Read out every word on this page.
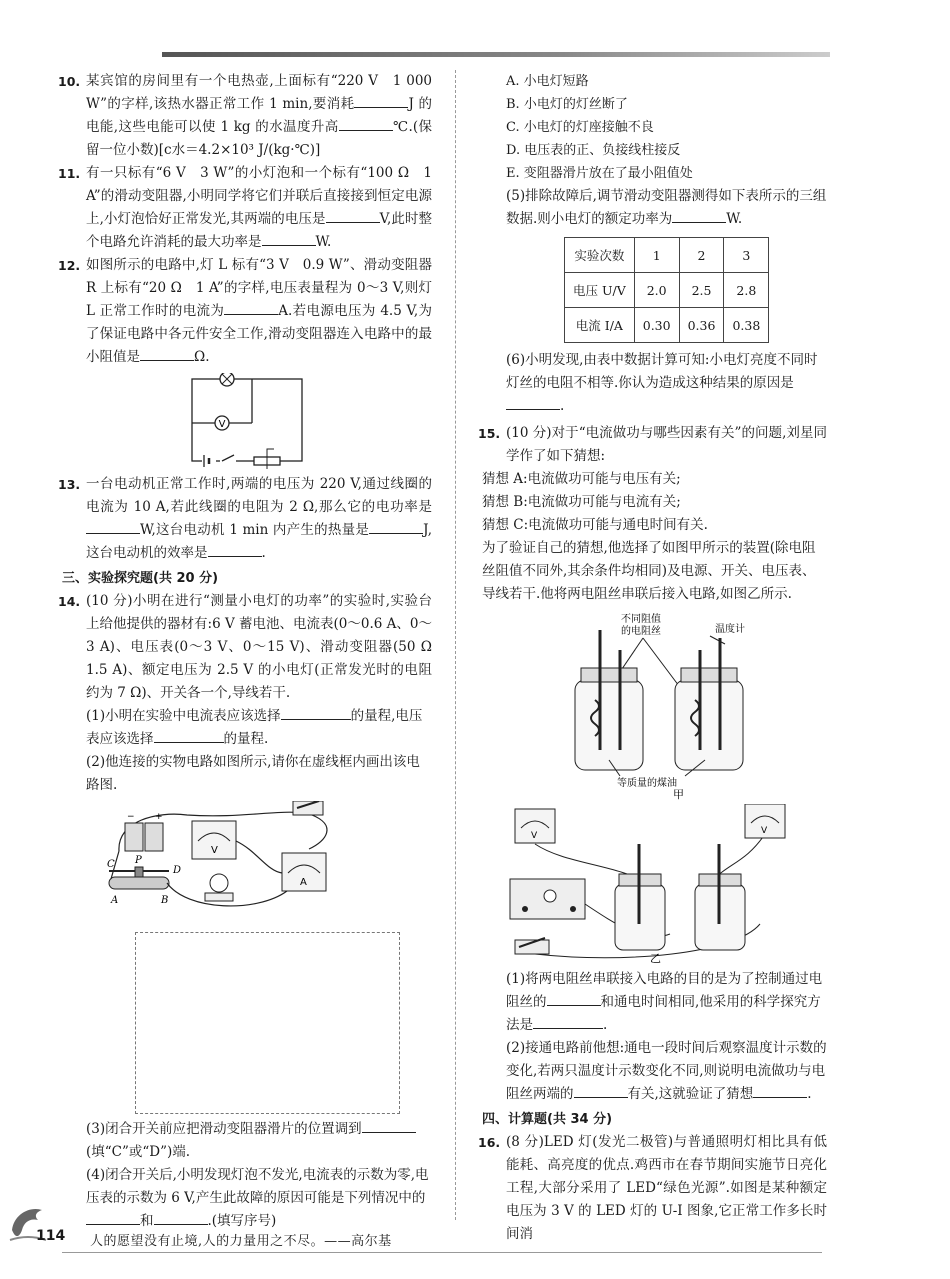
10. 某宾馆的房间里有一个电热壶,上面标有“220 V　1 000 W”的字样,该热水器正常工作 1 min,要消耗	J 的电能,这些电能可以使 1 kg 的水温度升高	℃.(保留一位小数)[c水＝4.2×10³ J/(kg·℃)]

11. 有一只标有“6 V　3 W”的小灯泡和一个标有“100 Ω　1 A”的滑动变阻器,小明同学将它们并联后直接接到恒定电源上,小灯泡恰好正常发光,其两端的电压是	V,此时整个电路允许消耗的最大功率是	W.

12. 如图所示的电路中,灯 L 标有“3 V　0.9 W”、滑动变阻器 R 上标有“20 Ω　1 A”的字样,电压表量程为 0～3 V,则灯 L 正常工作时的电流为	A.若电源电压为 4.5 V,为了保证电路中各元件安全工作,滑动变阻器连入电路中的最小阻值是	Ω.

V

13. 一台电动机正常工作时,两端的电压为 220 V,通过线圈的电流为 10 A,若此线圈的电阻为 2 Ω,那么它的电功率是W,这台电动机 1 min 内产生的热量是	J,这台电动机的效率是	.

三、实验探究题(共 20 分)

14. (10 分)小明在进行“测量小电灯的功率”的实验时,实验台上给他提供的器材有:6 V 蓄电池、电流表(0～0.6 A、0～3 A)、电压表(0～3 V、0～15 V)、滑动变阻器(50 Ω　1.5 A)、额定电压为 2.5 V 的小电灯(正常发光时的电阻约为 7 Ω)、开关各一个,导线若干.

(1)小明在实验中电流表应该选择	的量程,电压表应该选择	的量程.

(2)他连接的实物电路如图所示,请你在虚线框内画出该电路图.

− +
V
A
C P
D
A	B

(3)闭合开关前应把滑动变阻器滑片的位置调到(填“C”或“D”)端.

(4)闭合开关后,小明发现灯泡不发光,电流表的示数为零,电压表的示数为 6 V,产生此故障的原因可能是下列情况中的和	.(填写序号)

A. 小电灯短路

B. 小电灯的灯丝断了

C. 小电灯的灯座接触不良

D. 电压表的正、负接线柱接反

E. 变阻器滑片放在了最小阻值处

(5)排除故障后,调节滑动变阻器测得如下表所示的三组数据.则小电灯的额定功率为	W.

实验次数	1	2	3
电压 U/V	2.0	2.5	2.8
电流 I/A	0.30	0.36	0.38

(6)小明发现,由表中数据计算可知:小电灯亮度不同时灯丝的电阻不相等.你认为造成这种结果的原因是.

15. (10 分)对于“电流做功与哪些因素有关”的问题,刘星同学作了如下猜想:

猜想 A:电流做功可能与电压有关;

猜想 B:电流做功可能与电流有关;

猜想 C:电流做功可能与通电时间有关.

为了验证自己的猜想,他选择了如图甲所示的装置(除电阻丝阻值不同外,其余条件均相同)及电源、开关、电压表、导线若干.他将两电阻丝串联后接入电路,如图乙所示.

不同阻值
的电阻丝	温度计
等质量的煤油
甲
V	V
乙

(1)将两电阻丝串联接入电路的目的是为了控制通过电阻丝的	和通电时间相同,他采用的科学探究方法是	.

(2)接通电路前他想:通电一段时间后观察温度计示数的变化,若两只温度计示数变化不同,则说明电流做功与电阻丝两端的	有关,这就验证了猜想	.

四、计算题(共 34 分)

16. (8 分)LED 灯(发光二极管)与普通照明灯相比具有低能耗、高亮度的优点.鸡西市在春节期间实施节日亮化工程,大部分采用了 LED“绿色光源”.如图是某种额定电压为 3 V 的 LED 灯的 U-I 图象,它正常工作多长时间消

114 人的愿望没有止境,人的力量用之不尽。——高尔基
